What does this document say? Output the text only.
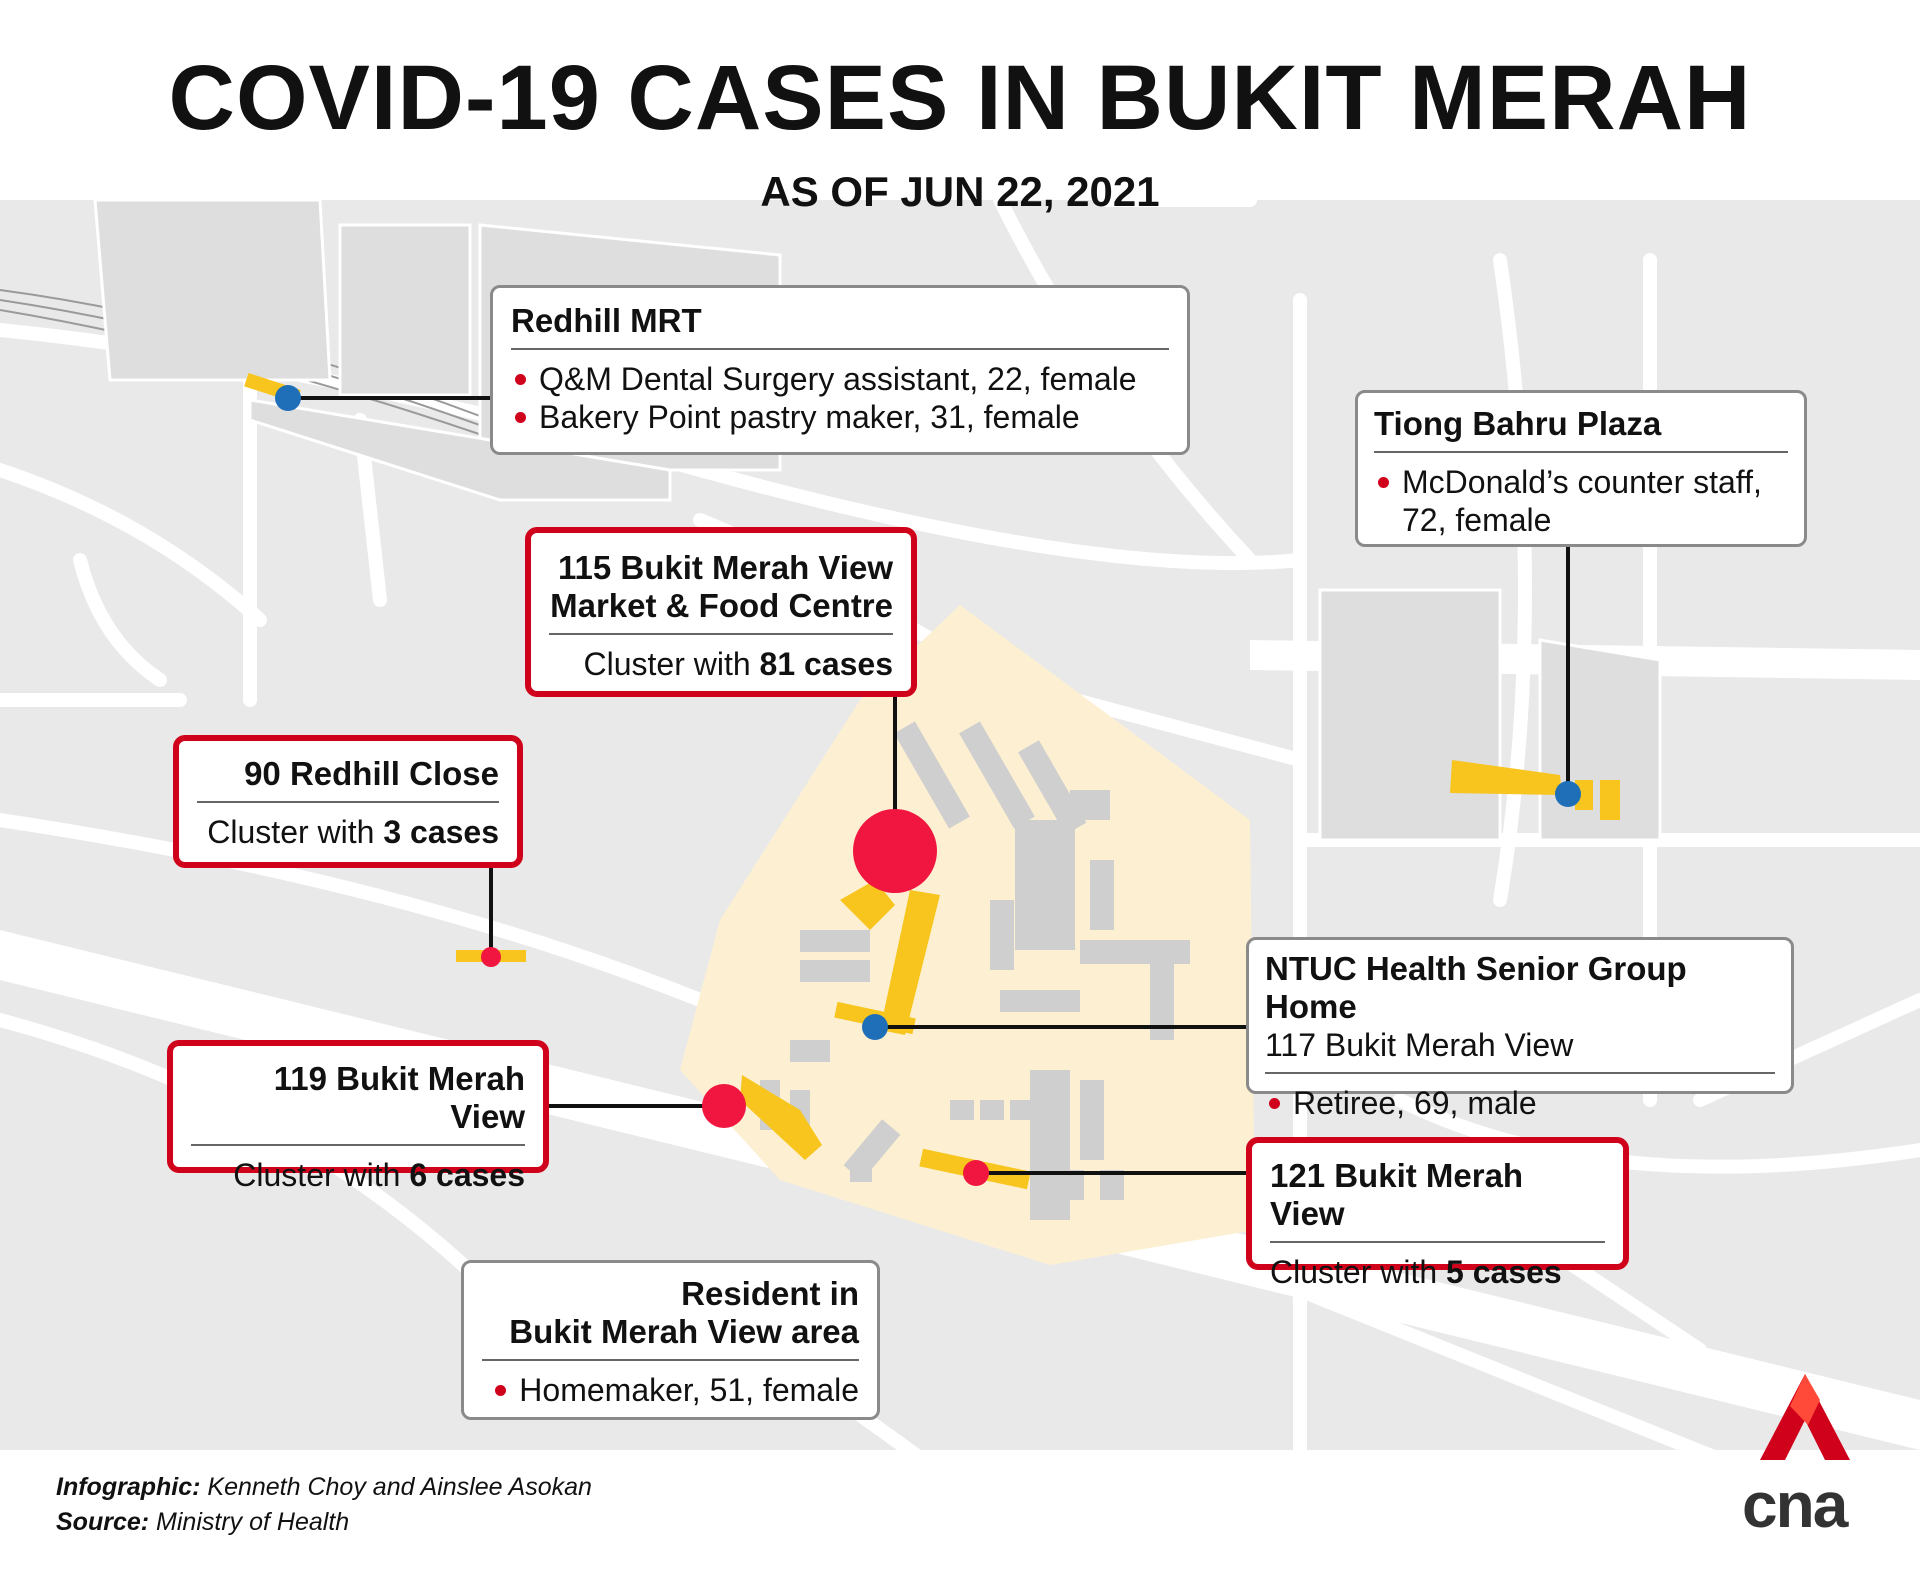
COVID-19 CASES IN BUKIT MERAH
AS OF JUN 22, 2021
Redhill MRT
Q&M Dental Surgery assistant, 22, female
Bakery Point pastry maker, 31, female	Tiong Bahru Plaza
McDonald’s counter staff,
72, female
115 Bukit Merah View
Market & Food Centre
Cluster with 81 cases
90 Redhill Close
Cluster with 3 cases
NTUC Health Senior Group Home
117 Bukit Merah View
Retiree, 69, male
119 Bukit Merah View
Cluster with 6 cases	121 Bukit Merah View
Cluster with 5 cases
Resident in
Bukit Merah View area
Homemaker, 51, female
Infographic: Kenneth Choy and Ainslee Asokan
Source: Ministry of Health	cna
